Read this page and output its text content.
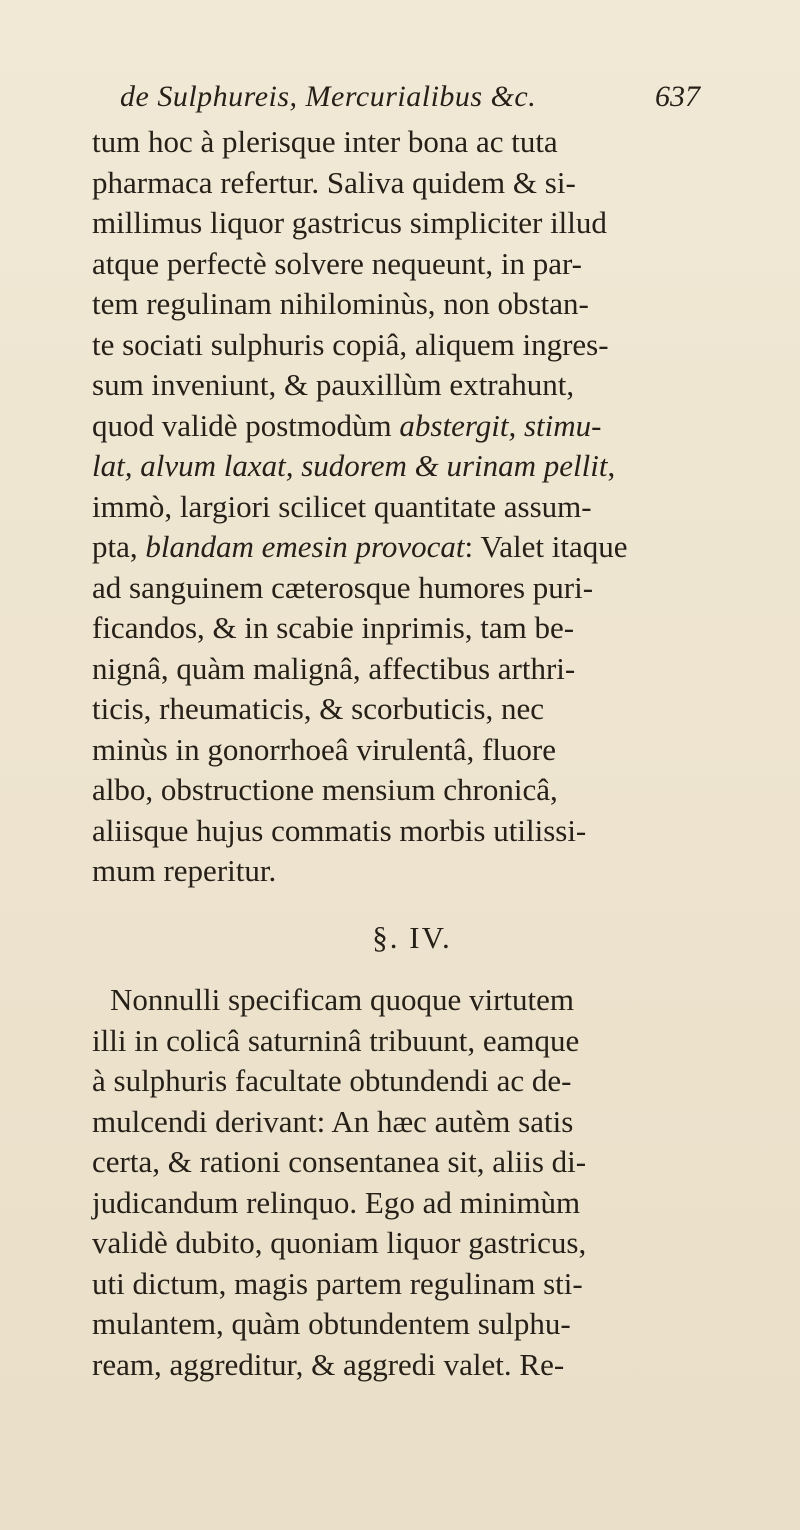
de Sulphureis, Mercurialibus &c.	637
tum hoc à plerisque inter bona ac tuta
pharmaca refertur. Saliva quidem & si-
millimus liquor gastricus simpliciter illud
atque perfectè solvere nequeunt, in par-
tem regulinam nihilominùs, non obstan-
te sociati sulphuris copiâ, aliquem ingres-
sum inveniunt, & pauxillùm extrahunt,
quod validè postmodùm abstergit, stimu-
lat, alvum laxat, sudorem & urinam pellit,
immò, largiori scilicet quantitate assum-
pta, blandam emesin provocat: Valet itaque
ad sanguinem cæterosque humores puri-
ficandos, & in scabie inprimis, tam be-
nignâ, quàm malignâ, affectibus arthri-
ticis, rheumaticis, & scorbuticis, nec
minùs in gonorrhoeâ virulentâ, fluore
albo, obstructione mensium chronicâ,
aliisque hujus commatis morbis utilissi-
mum reperitur.
§. IV.
Nonnulli specificam quoque virtutem
illi in colicâ saturninâ tribuunt, eamque
à sulphuris facultate obtundendi ac de-
mulcendi derivant: An hæc autèm satis
certa, & rationi consentanea sit, aliis di-
judicandum relinquo. Ego ad minimùm
validè dubito, quoniam liquor gastricus,
uti dictum, magis partem regulinam sti-
mulantem, quàm obtundentem sulphu-
ream, aggreditur, & aggredi valet. Re-
